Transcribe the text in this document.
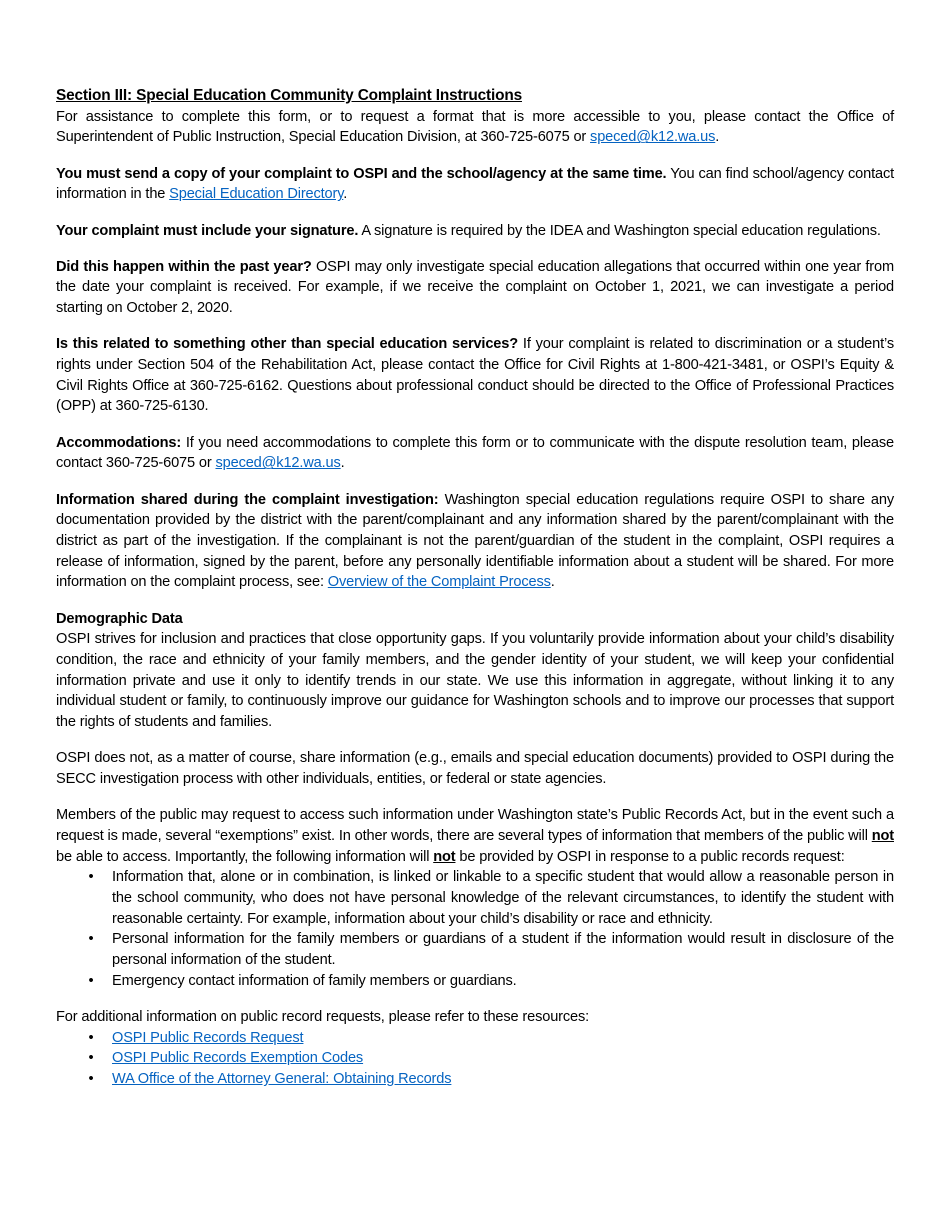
Section III: Special Education Community Complaint Instructions

For assistance to complete this form, or to request a format that is more accessible to you, please contact the Office of Superintendent of Public Instruction, Special Education Division, at 360-725-6075 or speced@k12.wa.us.

You must send a copy of your complaint to OSPI and the school/agency at the same time. You can find school/agency contact information in the Special Education Directory.

Your complaint must include your signature. A signature is required by the IDEA and Washington special education regulations.

Did this happen within the past year? OSPI may only investigate special education allegations that occurred within one year from the date your complaint is received. For example, if we receive the complaint on October 1, 2021, we can investigate a period starting on October 2, 2020.

Is this related to something other than special education services? If your complaint is related to discrimination or a student’s rights under Section 504 of the Rehabilitation Act, please contact the Office for Civil Rights at 1-800-421-3481, or OSPI’s Equity & Civil Rights Office at 360-725-6162. Questions about professional conduct should be directed to the Office of Professional Practices (OPP) at 360-725-6130.

Accommodations: If you need accommodations to complete this form or to communicate with the dispute resolution team, please contact 360-725-6075 or speced@k12.wa.us.

Information shared during the complaint investigation: Washington special education regulations require OSPI to share any documentation provided by the district with the parent/complainant and any information shared by the parent/complainant with the district as part of the investigation. If the complainant is not the parent/guardian of the student in the complaint, OSPI requires a release of information, signed by the parent, before any personally identifiable information about a student will be shared. For more information on the complaint process, see: Overview of the Complaint Process.

Demographic Data

OSPI strives for inclusion and practices that close opportunity gaps. If you voluntarily provide information about your child’s disability condition, the race and ethnicity of your family members, and the gender identity of your student, we will keep your confidential information private and use it only to identify trends in our state. We use this information in aggregate, without linking it to any individual student or family, to continuously improve our guidance for Washington schools and to improve our processes that support the rights of students and families.

OSPI does not, as a matter of course, share information (e.g., emails and special education documents) provided to OSPI during the SECC investigation process with other individuals, entities, or federal or state agencies.

Members of the public may request to access such information under Washington state’s Public Records Act, but in the event such a request is made, several “exemptions” exist. In other words, there are several types of information that members of the public will not be able to access. Importantly, the following information will not be provided by OSPI in response to a public records request:

• Information that, alone or in combination, is linked or linkable to a specific student that would allow a reasonable person in the school community, who does not have personal knowledge of the relevant circumstances, to identify the student with reasonable certainty. For example, information about your child’s disability or race and ethnicity.
• Personal information for the family members or guardians of a student if the information would result in disclosure of the personal information of the student.
• Emergency contact information of family members or guardians.

For additional information on public record requests, please refer to these resources:

• OSPI Public Records Request
• OSPI Public Records Exemption Codes
• WA Office of the Attorney General: Obtaining Records
